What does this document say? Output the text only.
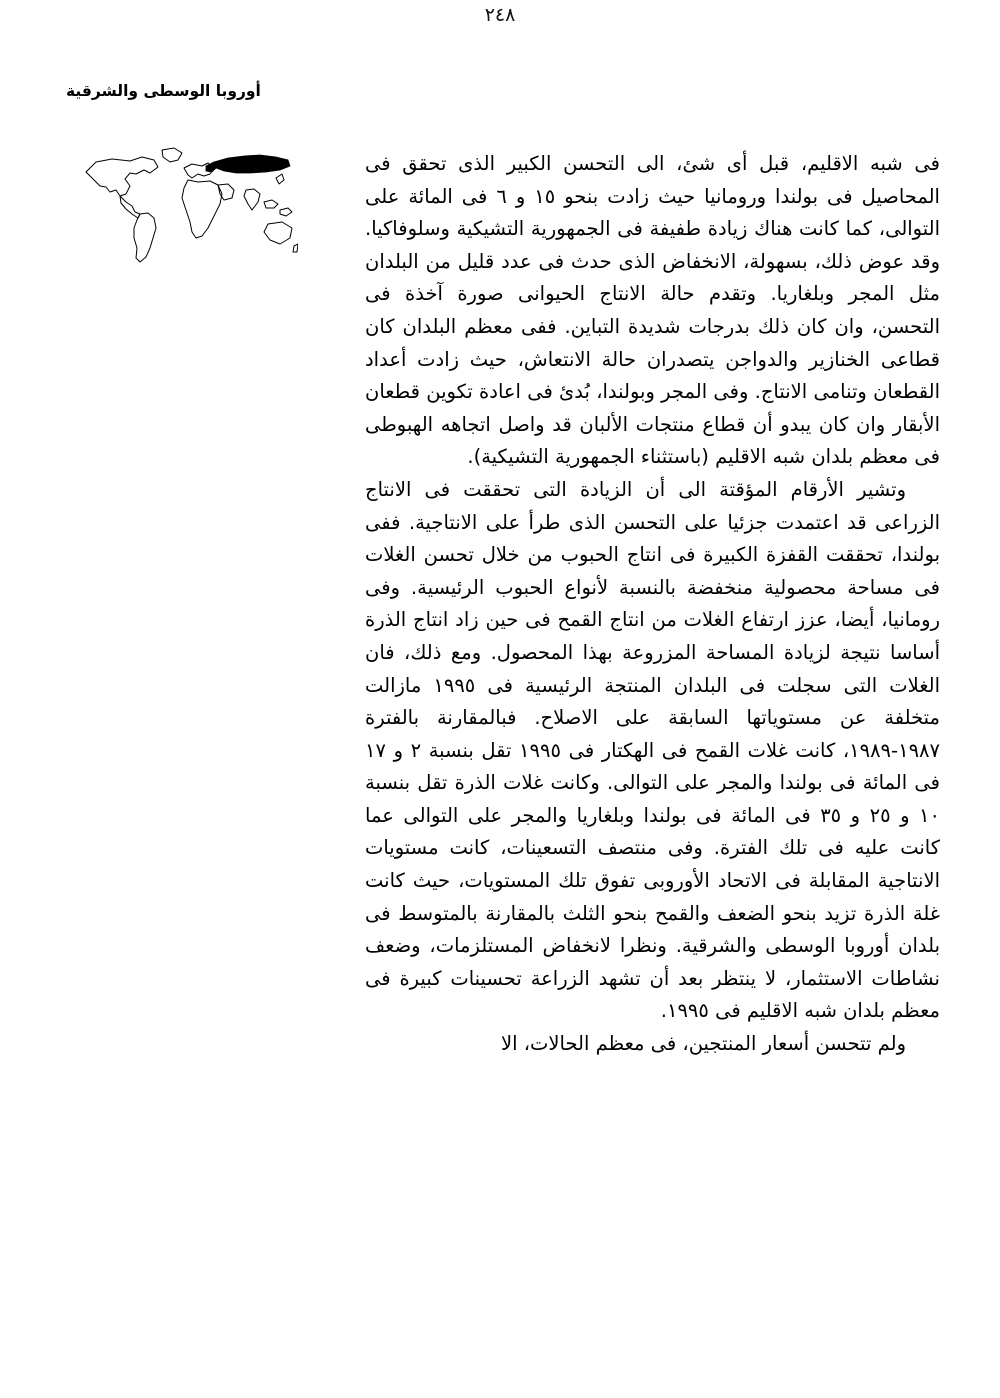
٢٤٨
أوروبا الوسطى والشرقية

فى شبه الاقليم، قبل أى شئ، الى التحسن الكبير الذى تحقق فى المحاصيل فى بولندا ورومانيا حيث زادت بنحو ١٥ و ٦ فى المائة على التوالى، كما كانت هناك زيادة طفيفة فى الجمهورية التشيكية وسلوفاكيا. وقد عوض ذلك، بسهولة، الانخفاض الذى حدث فى عدد قليل من البلدان مثل المجر وبلغاريا. وتقدم حالة الانتاج الحيوانى صورة آخذة فى التحسن، وان كان ذلك بدرجات شديدة التباين. ففى معظم البلدان كان قطاعى الخنازير والدواجن يتصدران حالة الانتعاش، حيث زادت أعداد القطعان وتنامى الانتاج. وفى المجر وبولندا، بُدئ فى اعادة تكوين قطعان الأبقار وان كان يبدو أن قطاع منتجات الألبان قد واصل اتجاهه الهبوطى فى معظم بلدان شبه الاقليم (باستثناء الجمهورية التشيكية).

وتشير الأرقام المؤقتة الى أن الزيادة التى تحققت فى الانتاج الزراعى قد اعتمدت جزئيا على التحسن الذى طرأ على الانتاجية. ففى بولندا، تحققت القفزة الكبيرة فى انتاج الحبوب من خلال تحسن الغلات فى مساحة محصولية منخفضة بالنسبة لأنواع الحبوب الرئيسية. وفى رومانيا، أيضا، عزز ارتفاع الغلات من انتاج القمح فى حين زاد انتاج الذرة أساسا نتيجة لزيادة المساحة المزروعة بهذا المحصول. ومع ذلك، فان الغلات التى سجلت فى البلدان المنتجة الرئيسية فى ١٩٩٥ مازالت متخلفة عن مستوياتها السابقة على الاصلاح. فبالمقارنة بالفترة ١٩٨٧-١٩٨٩، كانت غلات القمح فى الهكتار فى ١٩٩٥ تقل بنسبة ٢ و ١٧ فى المائة فى بولندا والمجر على التوالى. وكانت غلات الذرة تقل بنسبة ١٠ و ٢٥ و ٣٥ فى المائة فى بولندا وبلغاريا والمجر على التوالى عما كانت عليه فى تلك الفترة. وفى منتصف التسعينات، كانت مستويات الانتاجية المقابلة فى الاتحاد الأوروبى تفوق تلك المستويات، حيث كانت غلة الذرة تزيد بنحو الضعف والقمح بنحو الثلث بالمقارنة بالمتوسط فى بلدان أوروبا الوسطى والشرقية. ونظرا لانخفاض المستلزمات، وضعف نشاطات الاستثمار، لا ينتظر بعد أن تشهد الزراعة تحسينات كبيرة فى معظم بلدان شبه الاقليم فى ١٩٩٥.

ولم تتحسن أسعار المنتجين، فى معظم الحالات، الا
